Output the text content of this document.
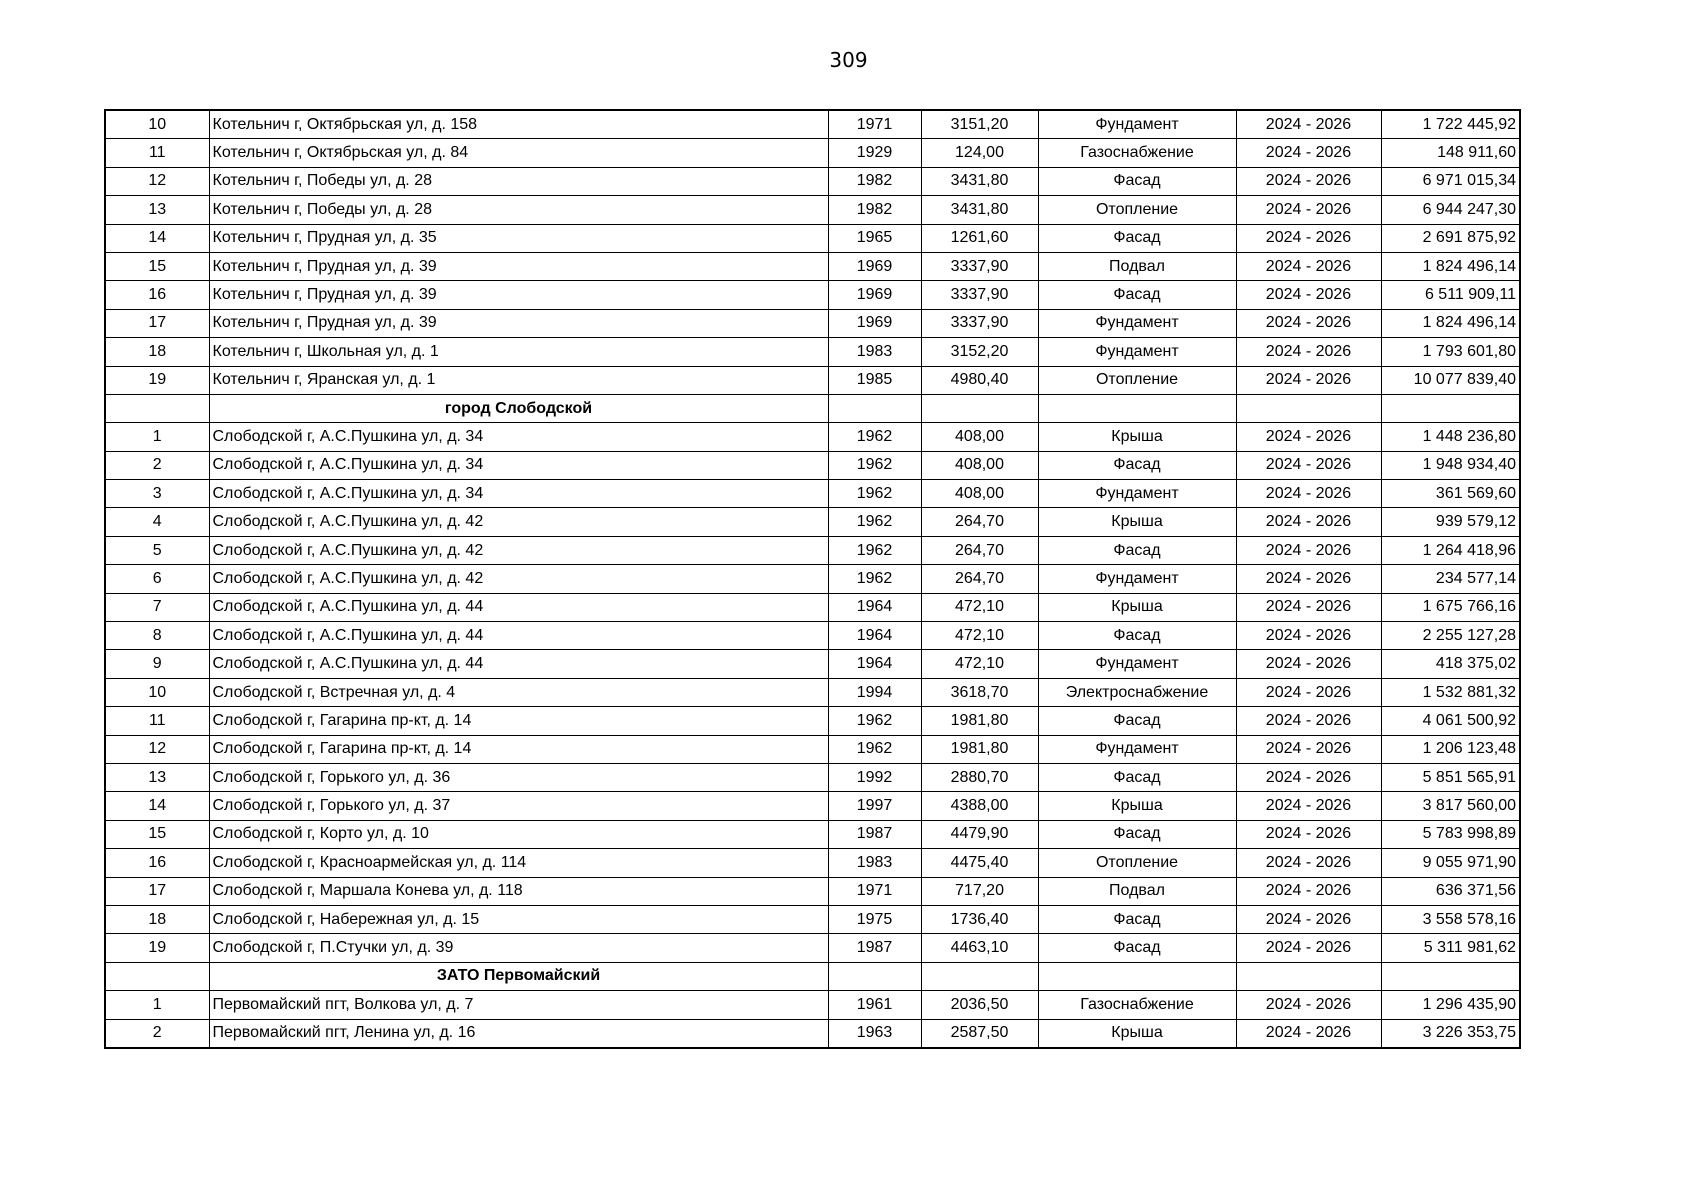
309
10	Котельнич г, Октябрьская ул, д. 158	1971	3151,20	Фундамент	2024 - 2026	1 722 445,92
11	Котельнич г, Октябрьская ул, д. 84	1929	124,00	Газоснабжение	2024 - 2026	148 911,60
12	Котельнич г, Победы ул, д. 28	1982	3431,80	Фасад	2024 - 2026	6 971 015,34
13	Котельнич г, Победы ул, д. 28	1982	3431,80	Отопление	2024 - 2026	6 944 247,30
14	Котельнич г, Прудная ул, д. 35	1965	1261,60	Фасад	2024 - 2026	2 691 875,92
15	Котельнич г, Прудная ул, д. 39	1969	3337,90	Подвал	2024 - 2026	1 824 496,14
16	Котельнич г, Прудная ул, д. 39	1969	3337,90	Фасад	2024 - 2026	6 511 909,11
17	Котельнич г, Прудная ул, д. 39	1969	3337,90	Фундамент	2024 - 2026	1 824 496,14
18	Котельнич г, Школьная ул, д. 1	1983	3152,20	Фундамент	2024 - 2026	1 793 601,80
19	Котельнич г, Яранская ул, д. 1	1985	4980,40	Отопление	2024 - 2026	10 077 839,40
	город Слободской					
1	Слободской г, А.С.Пушкина ул, д. 34	1962	408,00	Крыша	2024 - 2026	1 448 236,80
2	Слободской г, А.С.Пушкина ул, д. 34	1962	408,00	Фасад	2024 - 2026	1 948 934,40
3	Слободской г, А.С.Пушкина ул, д. 34	1962	408,00	Фундамент	2024 - 2026	361 569,60
4	Слободской г, А.С.Пушкина ул, д. 42	1962	264,70	Крыша	2024 - 2026	939 579,12
5	Слободской г, А.С.Пушкина ул, д. 42	1962	264,70	Фасад	2024 - 2026	1 264 418,96
6	Слободской г, А.С.Пушкина ул, д. 42	1962	264,70	Фундамент	2024 - 2026	234 577,14
7	Слободской г, А.С.Пушкина ул, д. 44	1964	472,10	Крыша	2024 - 2026	1 675 766,16
8	Слободской г, А.С.Пушкина ул, д. 44	1964	472,10	Фасад	2024 - 2026	2 255 127,28
9	Слободской г, А.С.Пушкина ул, д. 44	1964	472,10	Фундамент	2024 - 2026	418 375,02
10	Слободской г, Встречная ул, д. 4	1994	3618,70	Электроснабжение	2024 - 2026	1 532 881,32
11	Слободской г, Гагарина пр-кт, д. 14	1962	1981,80	Фасад	2024 - 2026	4 061 500,92
12	Слободской г, Гагарина пр-кт, д. 14	1962	1981,80	Фундамент	2024 - 2026	1 206 123,48
13	Слободской г, Горького ул, д. 36	1992	2880,70	Фасад	2024 - 2026	5 851 565,91
14	Слободской г, Горького ул, д. 37	1997	4388,00	Крыша	2024 - 2026	3 817 560,00
15	Слободской г, Корто ул, д. 10	1987	4479,90	Фасад	2024 - 2026	5 783 998,89
16	Слободской г, Красноармейская ул, д. 114	1983	4475,40	Отопление	2024 - 2026	9 055 971,90
17	Слободской г, Маршала Конева ул, д. 118	1971	717,20	Подвал	2024 - 2026	636 371,56
18	Слободской г, Набережная ул, д. 15	1975	1736,40	Фасад	2024 - 2026	3 558 578,16
19	Слободской г, П.Стучки ул, д. 39	1987	4463,10	Фасад	2024 - 2026	5 311 981,62
	ЗАТО Первомайский					
1	Первомайский пгт, Волкова ул, д. 7	1961	2036,50	Газоснабжение	2024 - 2026	1 296 435,90
2	Первомайский пгт, Ленина ул, д. 16	1963	2587,50	Крыша	2024 - 2026	3 226 353,75
